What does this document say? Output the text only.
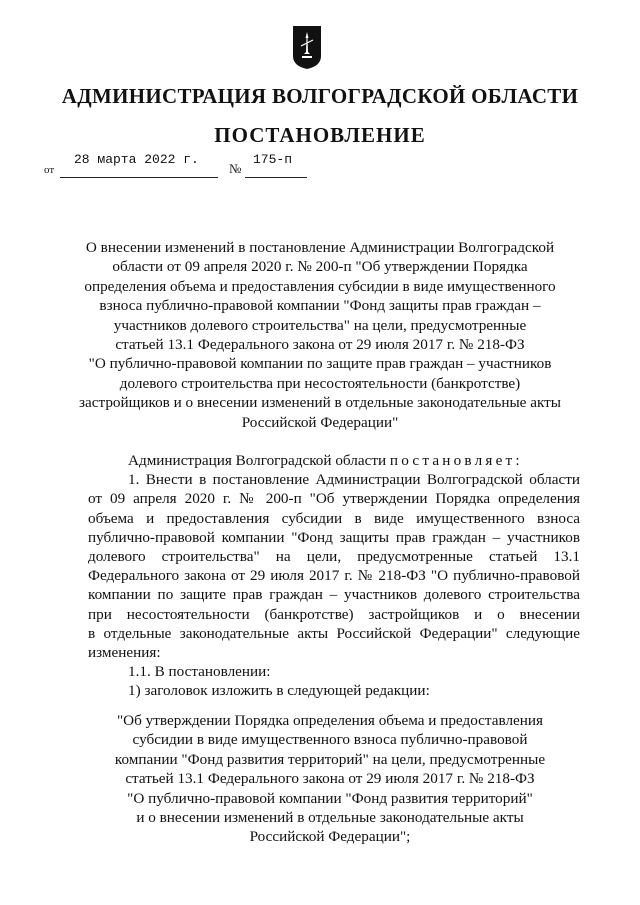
АДМИНИСТРАЦИЯ ВОЛГОГРАДСКОЙ ОБЛАСТИ
ПОСТАНОВЛЕНИЕ
от
28 марта 2022 г.
№
175-п
О внесении изменений в постановление Администрации Волгоградской
области от 09 апреля 2020 г. № 200-п "Об утверждении Порядка
определения объема и предоставления субсидии в виде имущественного
взноса публично-правовой компании "Фонд защиты прав граждан –
участников долевого строительства" на цели, предусмотренные
статьей 13.1 Федерального закона от 29 июля 2017 г. № 218-ФЗ
"О публично-правовой компании по защите прав граждан – участников
долевого строительства при несостоятельности (банкротстве)
застройщиков и о внесении изменений в отдельные законодательные акты
Российской Федерации"
Администрация Волгоградской области постановляет:
1. Внести в постановление Администрации Волгоградской области
от 09 апреля 2020 г. № 200-п "Об утверждении Порядка определения
объема и предоставления субсидии в виде имущественного взноса
публично-правовой компании "Фонд защиты прав граждан – участников
долевого строительства" на цели, предусмотренные статьей 13.1
Федерального закона от 29 июля 2017 г. № 218-ФЗ "О публично-правовой
компании по защите прав граждан – участников долевого строительства
при несостоятельности (банкротстве) застройщиков и о внесении
в отдельные законодательные акты Российской Федерации" следующие
изменения:
1.1. В постановлении:
1) заголовок изложить в следующей редакции:
"Об утверждении Порядка определения объема и предоставления
субсидии в виде имущественного взноса публично-правовой
компании "Фонд развития территорий" на цели, предусмотренные
статьей 13.1 Федерального закона от 29 июля 2017 г. № 218-ФЗ
"О публично-правовой компании "Фонд развития территорий"
и о внесении изменений в отдельные законодательные акты
Российской Федерации";
